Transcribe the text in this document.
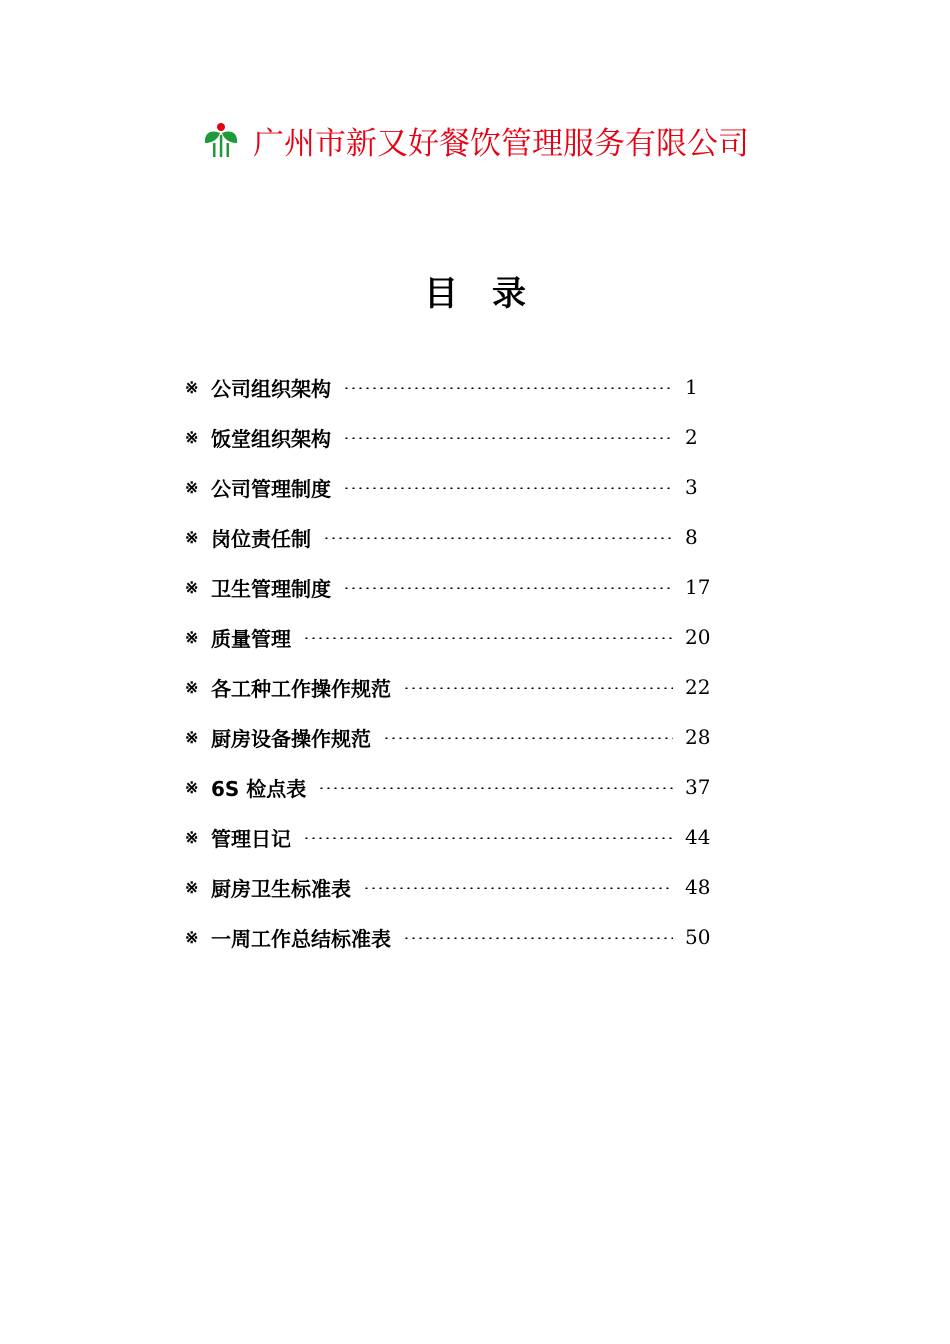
广州市新又好餐饮管理服务有限公司
目录
※ 公司组织架构	1
※ 饭堂组织架构	2
※ 公司管理制度	3
※ 岗位责任制	8
※ 卫生管理制度	17
※ 质量管理	20
※ 各工种工作操作规范	22
※ 厨房设备操作规范	28
※ 6S 检点表	37
※ 管理日记	44
※ 厨房卫生标准表	48
※ 一周工作总结标准表	50
